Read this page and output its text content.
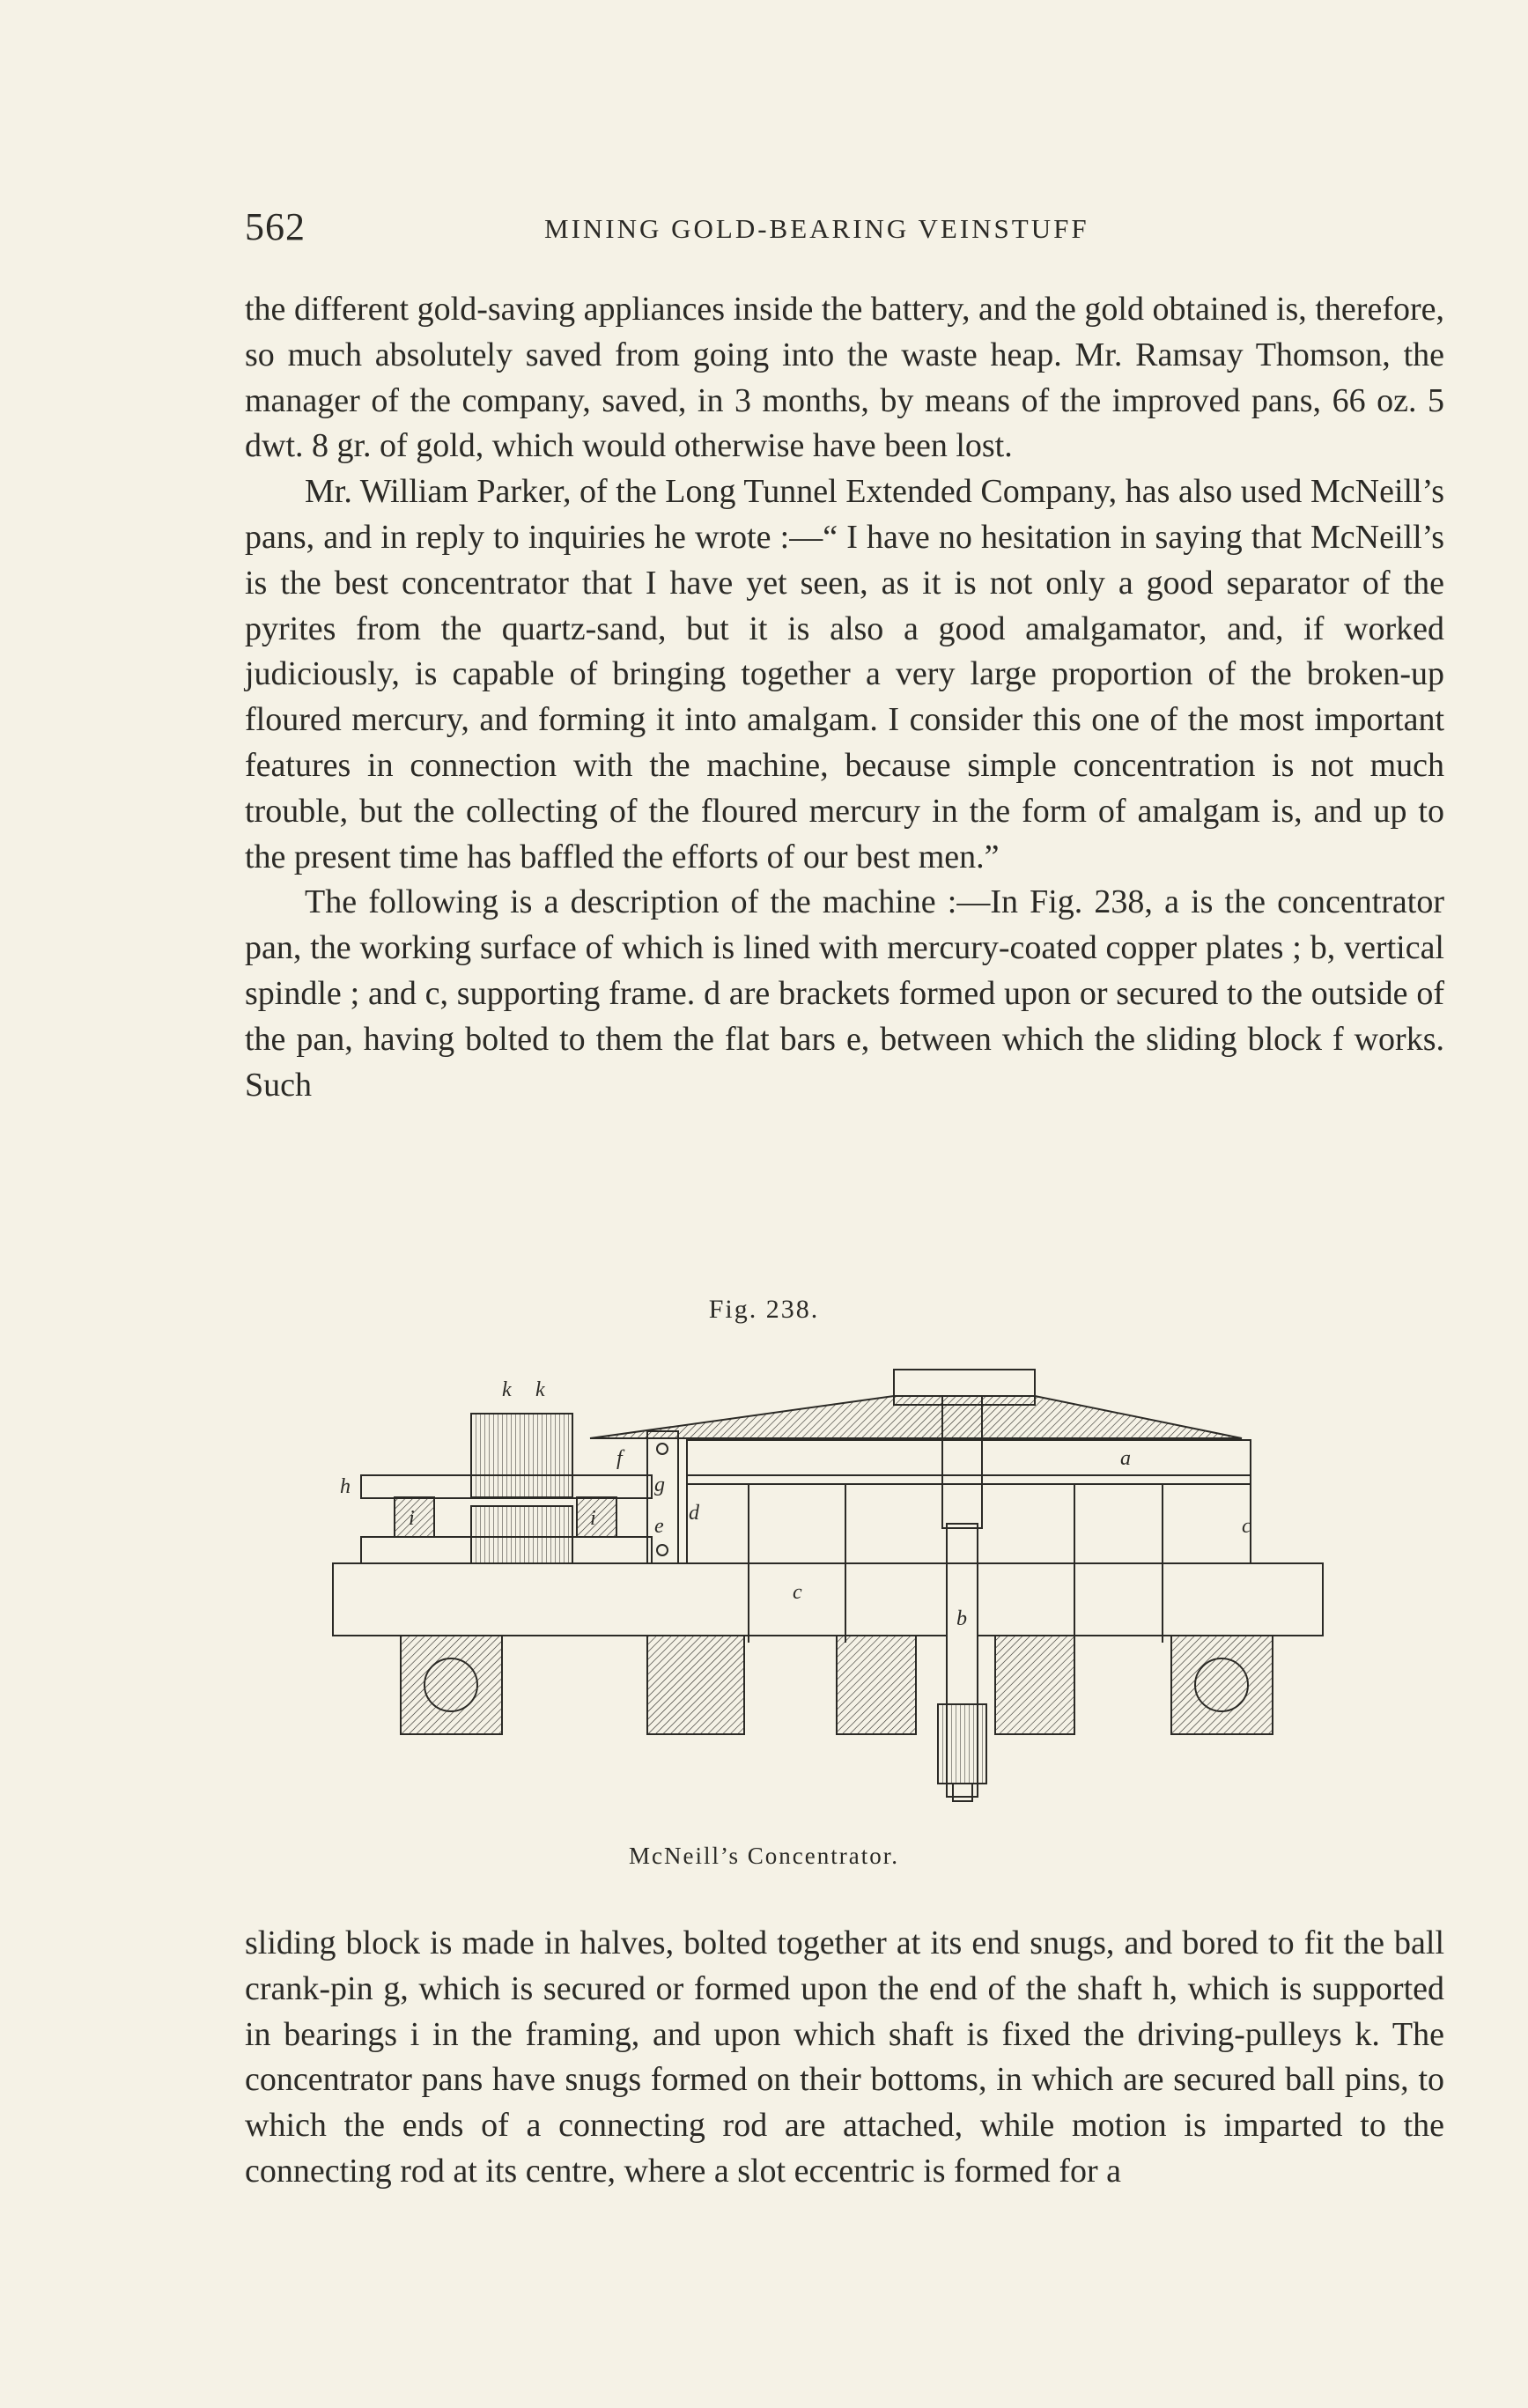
562	MINING GOLD-BEARING VEINSTUFF

the different gold-saving appliances inside the battery, and the gold obtained is, therefore, so much absolutely saved from going into the waste heap. Mr. Ramsay Thomson, the manager of the company, saved, in 3 months, by means of the improved pans, 66 oz. 5 dwt. 8 gr. of gold, which would otherwise have been lost.

Mr. William Parker, of the Long Tunnel Extended Company, has also used McNeill’s pans, and in reply to inquiries he wrote :—“ I have no hesitation in saying that McNeill’s is the best concentrator that I have yet seen, as it is not only a good separator of the pyrites from the quartz-sand, but it is also a good amalgamator, and, if worked judiciously, is capable of bringing together a very large proportion of the broken-up floured mercury, and forming it into amalgam. I consider this one of the most important features in connection with the machine, because simple concentration is not much trouble, but the collecting of the floured mercury in the form of amalgam is, and up to the present time has baffled the efforts of our best men.”

The following is a description of the machine :—In Fig. 238, a is the concentrator pan, the working surface of which is lined with mercury-coated copper plates ; b, vertical spindle ; and c, supporting frame. d are brackets formed upon or secured to the outside of the pan, having bolted to them the flat bars e, between which the sliding block f works. Such

Fig. 238.
k k
f
h
i	i
g
e
d
a
c
b
c
McNeill’s Concentrator.

sliding block is made in halves, bolted together at its end snugs, and bored to fit the ball crank-pin g, which is secured or formed upon the end of the shaft h, which is supported in bearings i in the framing, and upon which shaft is fixed the driving-pulleys k. The concentrator pans have snugs formed on their bottoms, in which are secured ball pins, to which the ends of a connecting rod are attached, while motion is imparted to the connecting rod at its centre, where a slot eccentric is formed for a
